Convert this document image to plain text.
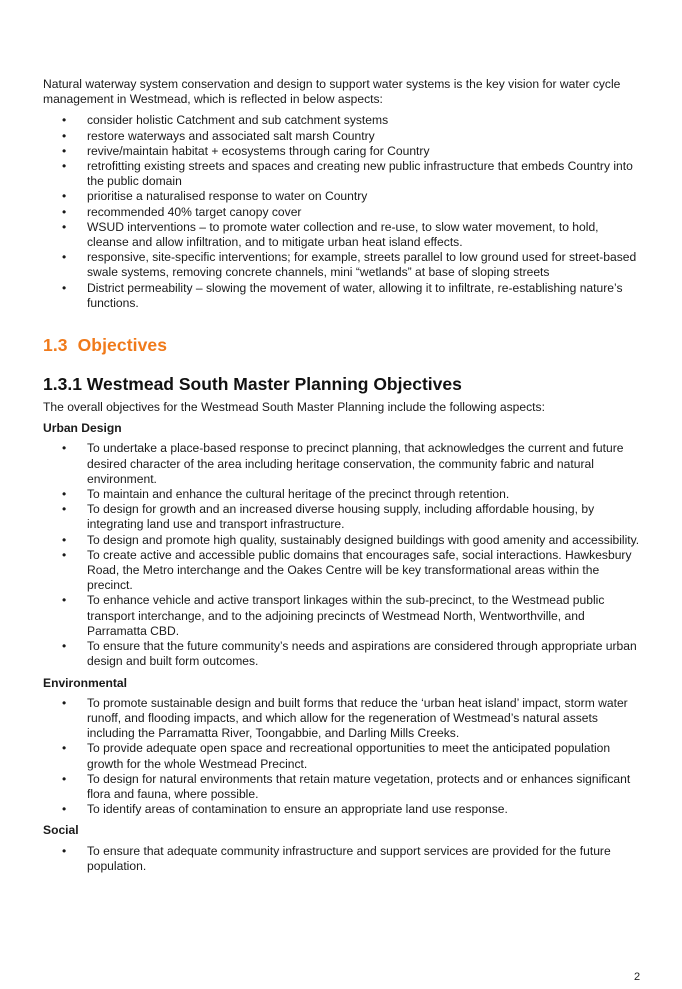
Natural waterway system conservation and design to support water systems is the key vision for water cycle management in Westmead, which is reflected in below aspects:

• consider holistic Catchment and sub catchment systems
• restore waterways and associated salt marsh Country
• revive/maintain habitat + ecosystems through caring for Country
• retrofitting existing streets and spaces and creating new public infrastructure that embeds Country into the public domain
• prioritise a naturalised response to water on Country
• recommended 40% target canopy cover
• WSUD interventions – to promote water collection and re-use, to slow water movement, to hold, cleanse and allow infiltration, and to mitigate urban heat island effects.
• responsive, site-specific interventions; for example, streets parallel to low ground used for street-based swale systems, removing concrete channels, mini “wetlands” at base of sloping streets
• District permeability – slowing the movement of water, allowing it to infiltrate, re-establishing nature’s functions.
1.3 Objectives
1.3.1 Westmead South Master Planning Objectives

The overall objectives for the Westmead South Master Planning include the following aspects:

Urban Design

• To undertake a place-based response to precinct planning, that acknowledges the current and future desired character of the area including heritage conservation, the community fabric and natural environment.
• To maintain and enhance the cultural heritage of the precinct through retention.
• To design for growth and an increased diverse housing supply, including affordable housing, by integrating land use and transport infrastructure.
• To design and promote high quality, sustainably designed buildings with good amenity and accessibility.
• To create active and accessible public domains that encourages safe, social interactions. Hawkesbury Road, the Metro interchange and the Oakes Centre will be key transformational areas within the precinct.
• To enhance vehicle and active transport linkages within the sub-precinct, to the Westmead public transport interchange, and to the adjoining precincts of Westmead North, Wentworthville, and Parramatta CBD.
• To ensure that the future community’s needs and aspirations are considered through appropriate urban design and built form outcomes.

Environmental

• To promote sustainable design and built forms that reduce the ‘urban heat island’ impact, storm water runoff, and flooding impacts, and which allow for the regeneration of Westmead’s natural assets including the Parramatta River, Toongabbie, and Darling Mills Creeks.
• To provide adequate open space and recreational opportunities to meet the anticipated population growth for the whole Westmead Precinct.
• To design for natural environments that retain mature vegetation, protects and or enhances significant flora and fauna, where possible.
• To identify areas of contamination to ensure an appropriate land use response.

Social

• To ensure that adequate community infrastructure and support services are provided for the future population.
2
